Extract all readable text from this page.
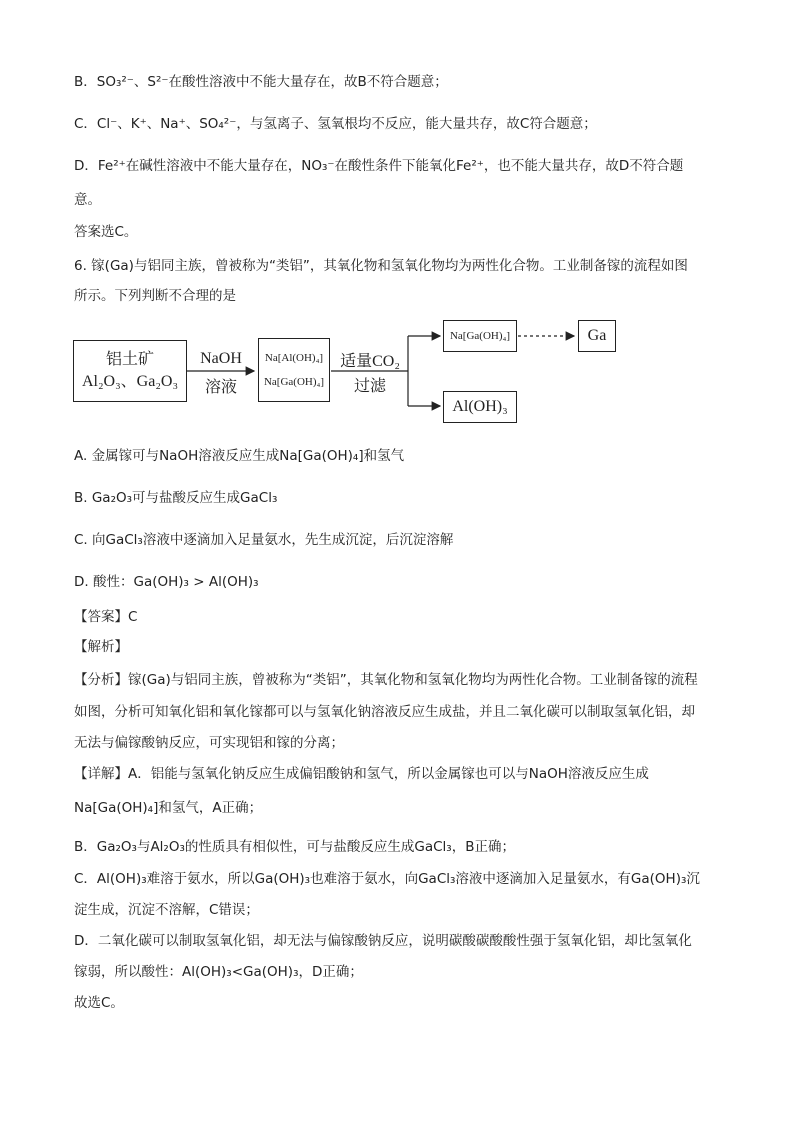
B．SO₃²⁻、S²⁻在酸性溶液中不能大量存在，故B不符合题意；
C．Cl⁻、K⁺、Na⁺、SO₄²⁻，与氢离子、氢氧根均不反应，能大量共存，故C符合题意；
D．Fe²⁺在碱性溶液中不能大量存在，NO₃⁻在酸性条件下能氧化Fe²⁺，也不能大量共存，故D不符合题
意。
答案选C。
6. 镓(Ga)与铝同主族，曾被称为“类铝”，其氧化物和氢氧化物均为两性化合物。工业制备镓的流程如图
所示。下列判断不合理的是
铝土矿
Al₂O₃、Ga₂O₃
NaOH
溶液
Na[Al(OH)₄]
Na[Ga(OH)₄]
适量CO₂
过滤
Na[Ga(OH)₄]	Ga
Al(OH)₃
A. 金属镓可与NaOH溶液反应生成Na[Ga(OH)₄]和氢气
B. Ga₂O₃可与盐酸反应生成GaCl₃
C. 向GaCl₃溶液中逐滴加入足量氨水，先生成沉淀，后沉淀溶解
D. 酸性：Ga(OH)₃ > Al(OH)₃
【答案】C
【解析】
【分析】镓(Ga)与铝同主族，曾被称为“类铝”，其氧化物和氢氧化物均为两性化合物。工业制备镓的流程
如图，分析可知氧化铝和氧化镓都可以与氢氧化钠溶液反应生成盐，并且二氧化碳可以制取氢氧化铝，却
无法与偏镓酸钠反应，可实现铝和镓的分离；
【详解】A．铝能与氢氧化钠反应生成偏铝酸钠和氢气，所以金属镓也可以与NaOH溶液反应生成
Na[Ga(OH)₄]和氢气，A正确；
B．Ga₂O₃与Al₂O₃的性质具有相似性，可与盐酸反应生成GaCl₃，B正确；
C．Al(OH)₃难溶于氨水，所以Ga(OH)₃也难溶于氨水，向GaCl₃溶液中逐滴加入足量氨水，有Ga(OH)₃沉
淀生成，沉淀不溶解，C错误；
D．二氧化碳可以制取氢氧化铝，却无法与偏镓酸钠反应，说明碳酸碳酸酸性强于氢氧化铝，却比氢氧化
镓弱，所以酸性：Al(OH)₃<Ga(OH)₃，D正确；
故选C。
